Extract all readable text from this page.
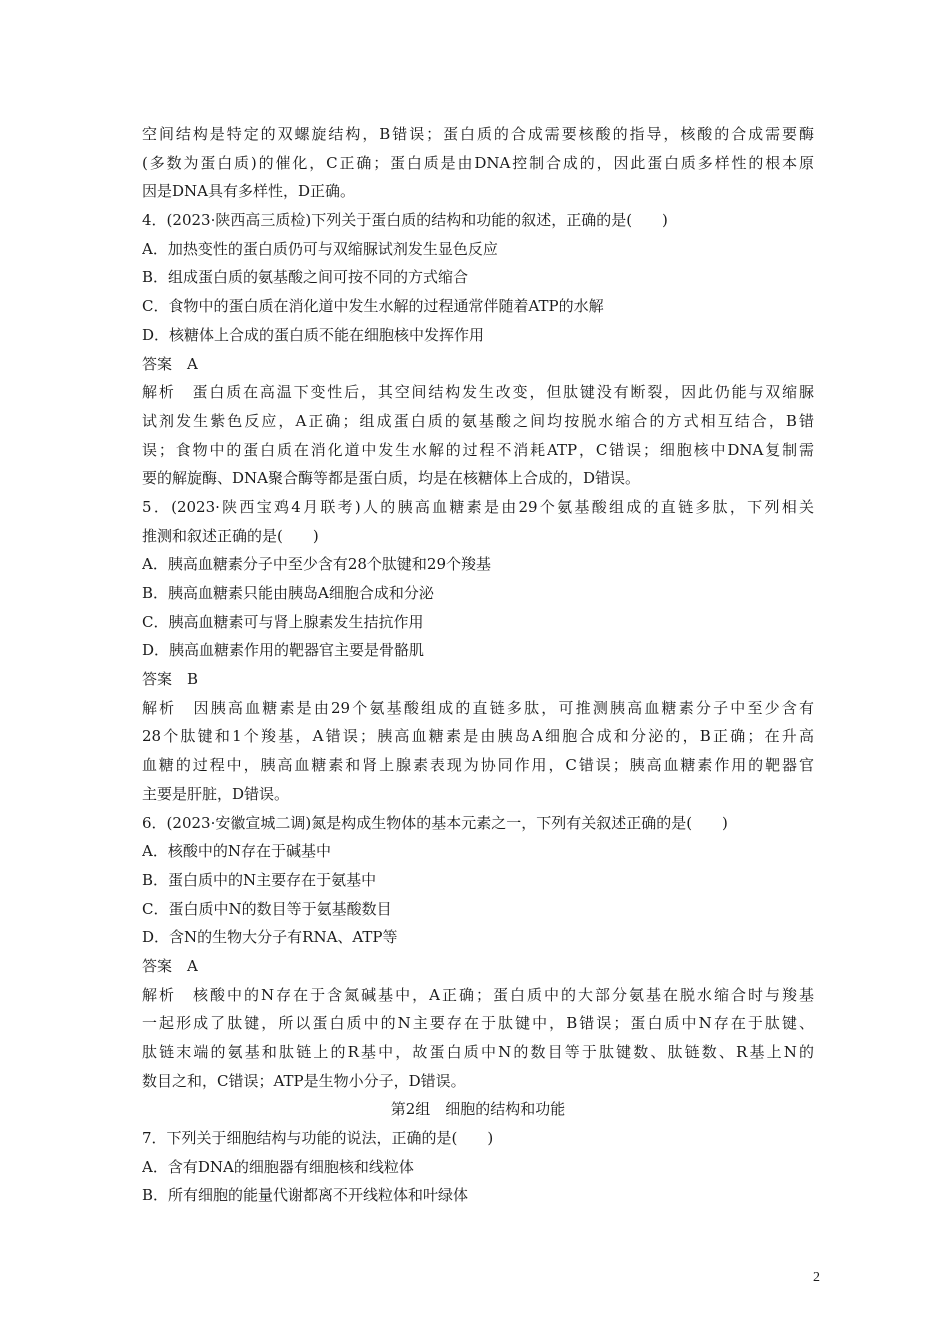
空间结构是特定的双螺旋结构，B错误；蛋白质的合成需要核酸的指导，核酸的合成需要酶
(多数为蛋白质)的催化，C正确；蛋白质是由DNA控制合成的，因此蛋白质多样性的根本原
因是DNA具有多样性，D正确。
4．(2023·陕西高三质检)下列关于蛋白质的结构和功能的叙述，正确的是(　　)
A．加热变性的蛋白质仍可与双缩脲试剂发生显色反应
B．组成蛋白质的氨基酸之间可按不同的方式缩合
C．食物中的蛋白质在消化道中发生水解的过程通常伴随着ATP的水解
D．核糖体上合成的蛋白质不能在细胞核中发挥作用
答案　A
解析　蛋白质在高温下变性后，其空间结构发生改变，但肽键没有断裂，因此仍能与双缩脲
试剂发生紫色反应，A正确；组成蛋白质的氨基酸之间均按脱水缩合的方式相互结合，B错
误；食物中的蛋白质在消化道中发生水解的过程不消耗ATP，C错误；细胞核中DNA复制需
要的解旋酶、DNA聚合酶等都是蛋白质，均是在核糖体上合成的，D错误。
5．(2023·陕西宝鸡4月联考)人的胰高血糖素是由29个氨基酸组成的直链多肽，下列相关
推测和叙述正确的是(　　)
A．胰高血糖素分子中至少含有28个肽键和29个羧基
B．胰高血糖素只能由胰岛A细胞合成和分泌
C．胰高血糖素可与肾上腺素发生拮抗作用
D．胰高血糖素作用的靶器官主要是骨骼肌
答案　B
解析　因胰高血糖素是由29个氨基酸组成的直链多肽，可推测胰高血糖素分子中至少含有
28个肽键和1个羧基，A错误；胰高血糖素是由胰岛A细胞合成和分泌的，B正确；在升高
血糖的过程中，胰高血糖素和肾上腺素表现为协同作用，C错误；胰高血糖素作用的靶器官
主要是肝脏，D错误。
6．(2023·安徽宣城二调)氮是构成生物体的基本元素之一，下列有关叙述正确的是(　　)
A．核酸中的N存在于碱基中
B．蛋白质中的N主要存在于氨基中
C．蛋白质中N的数目等于氨基酸数目
D．含N的生物大分子有RNA、ATP等
答案　A
解析　核酸中的N存在于含氮碱基中，A正确；蛋白质中的大部分氨基在脱水缩合时与羧基
一起形成了肽键，所以蛋白质中的N主要存在于肽键中，B错误；蛋白质中N存在于肽键、
肽链末端的氨基和肽链上的R基中，故蛋白质中N的数目等于肽键数、肽链数、R基上N的
数目之和，C错误；ATP是生物小分子，D错误。
第2组　细胞的结构和功能
7．下列关于细胞结构与功能的说法，正确的是(　　)
A．含有DNA的细胞器有细胞核和线粒体
B．所有细胞的能量代谢都离不开线粒体和叶绿体
2
